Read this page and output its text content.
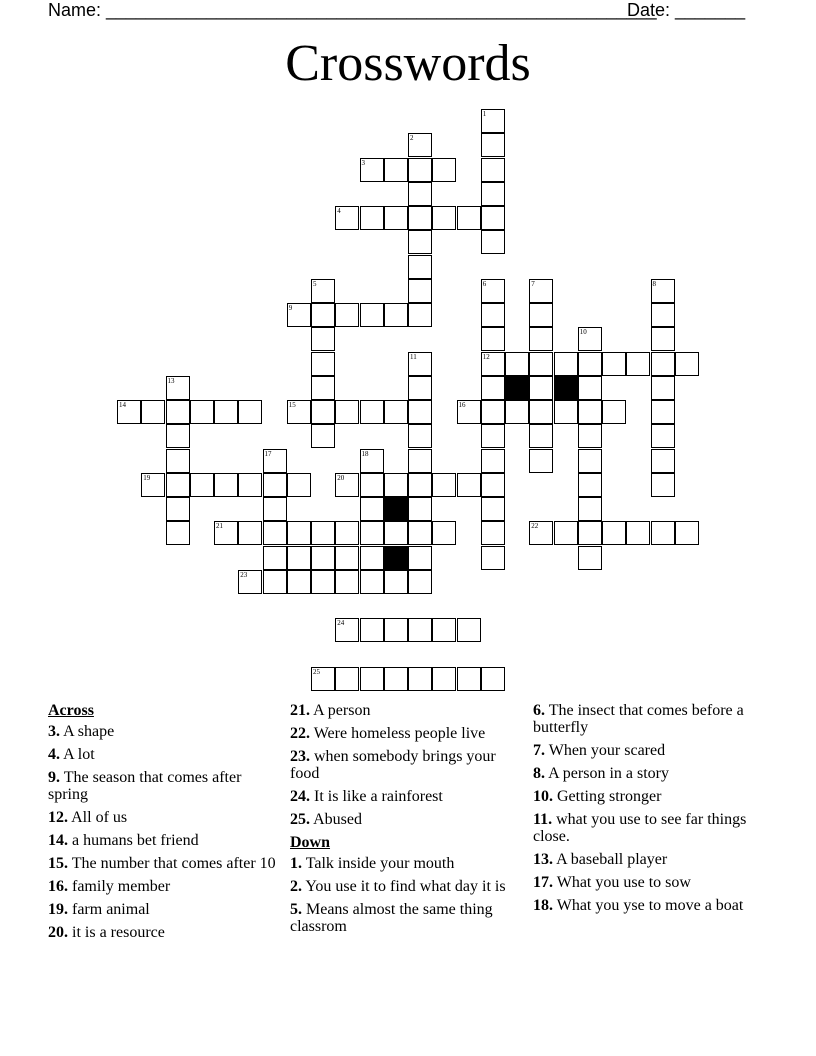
Name: _______________________________________________________
Date: _______
Crosswords
1
2
3
4
5	6
12
7	8
9
10
11
13
14	15	16
17	18
19	20
21	22
23
24
25
Across
3. A shape
4. A lot
9. The season that comes after spring
12. All of us
14. a humans bet friend
15. The number that comes after 10
16. family member
19. farm animal
20. it is a resource
21. A person
22. Were homeless people live
23. when somebody brings your food
24. It is like a rainforest
25. Abused
Down
1. Talk inside your mouth
2. You use it to find what day it is
5. Means almost the same thing classrom
6. The insect that comes before a butterfly
7. When your scared
8. A person in a story
10. Getting stronger
11. what you use to see far things close.
13. A baseball player
17. What you use to sow
18. What you yse to move a boat
